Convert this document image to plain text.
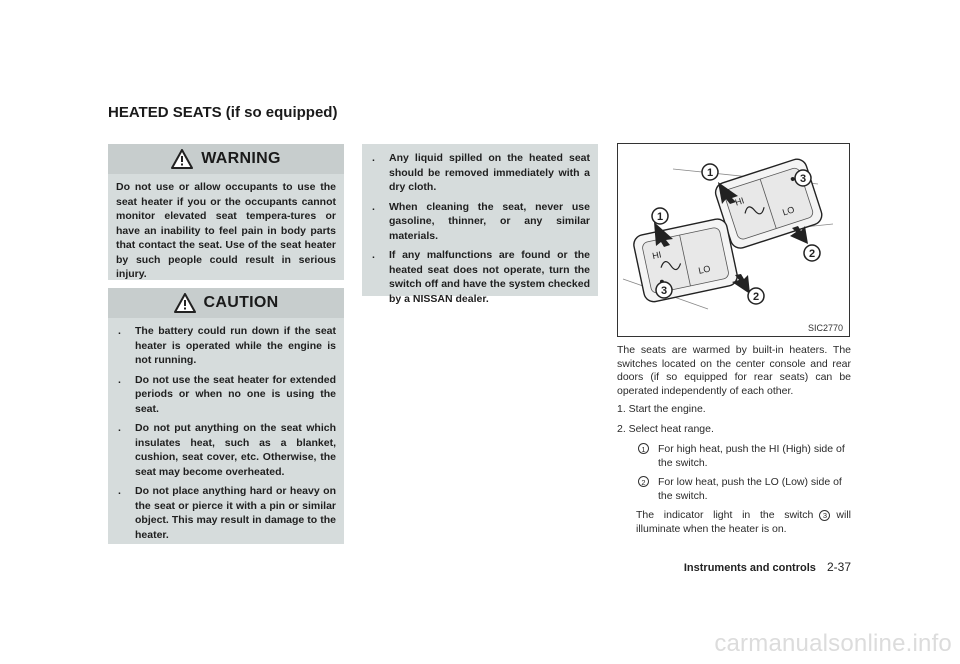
HEATED SEATS (if so equipped)
WARNING

Do not use or allow occupants to use the seat heater if you or the occupants cannot monitor elevated seat tempera-tures or have an inability to feel pain in body parts that contact the seat. Use of the seat heater by such people could result in serious injury.

CAUTION
. The battery could run down if the seat heater is operated while the engine is not running.
. Do not use the seat heater for extended periods or when no one is using the seat.
. Do not put anything on the seat which insulates heat, such as a blanket, cushion, seat cover, etc. Otherwise, the seat may become overheated.
. Do not place anything hard or heavy on the seat or pierce it with a pin or similar object. This may result in damage to the heater.
. Any liquid spilled on the heated seat should be removed immediately with a dry cloth.
. When cleaning the seat, never use gasoline, thinner, or any similar materials.
. If any malfunctions are found or the heated seat does not operate, turn the switch off and have the system checked by a NISSAN dealer.
HI
LO
HI
LO
1	3
1
2
3	2
SIC2770

The seats are warmed by built-in heaters. The switches located on the center console and rear doors (if so equipped for rear seats) can be operated independently of each other.

1. Start the engine.

2. Select heat range.

1	For high heat, push the HI (High) side of the switch.
2	For low heat, push the LO (Low) side of the switch.
The indicator light in the switch 3 will illuminate when the heater is on.
Instruments and controls 2-37
carmanualsonline.info
